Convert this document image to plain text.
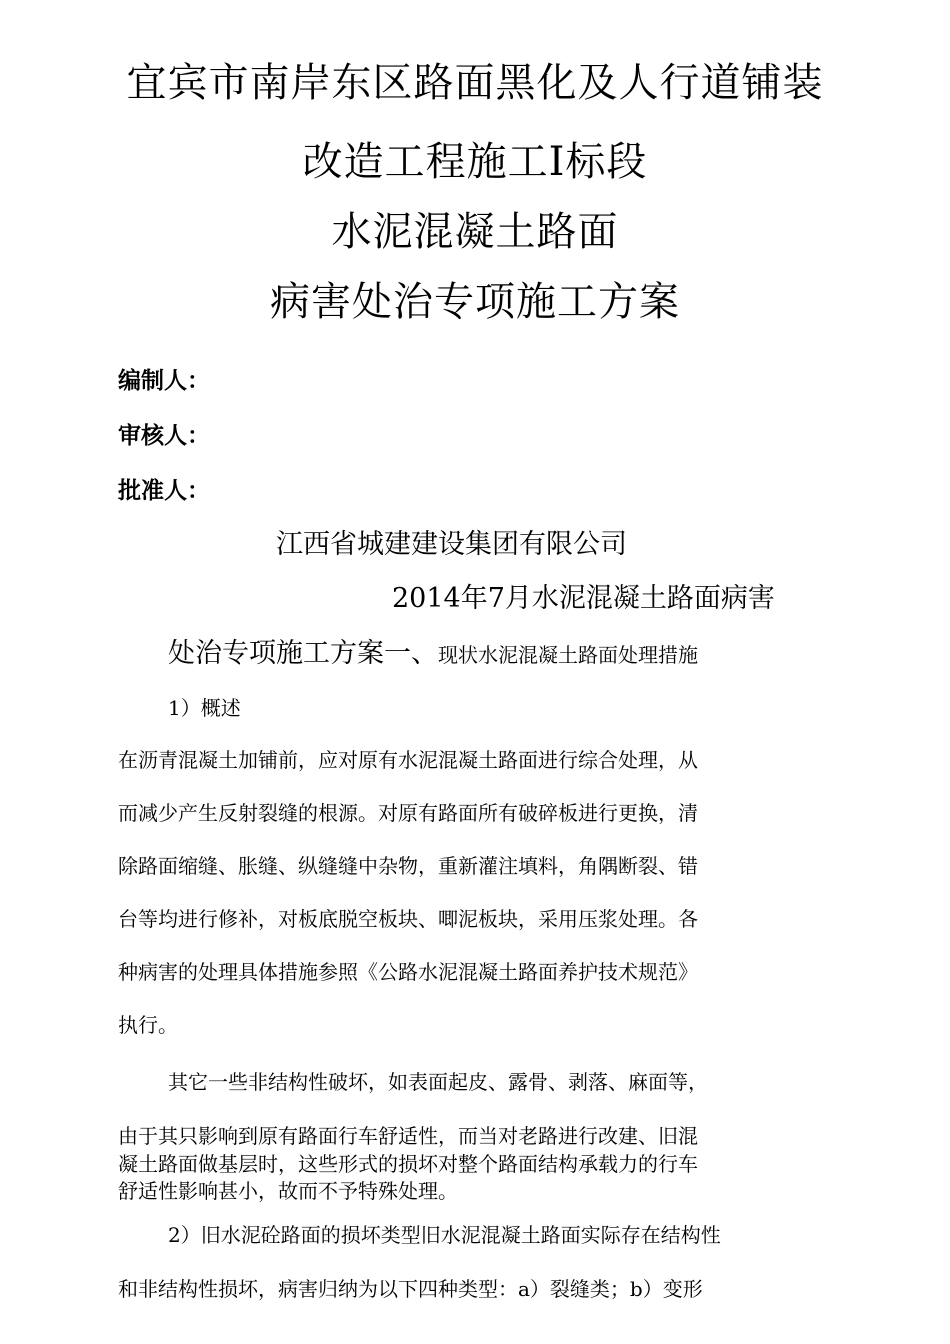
宜宾市南岸东区路面黑化及人行道铺装
改造工程施工Ⅰ标段
水泥混凝土路面
病害处治专项施工方案
编制人：
审核人：
批准人：
江西省城建建设集团有限公司
2014年7月水泥混凝土路面病害
处治专项施工方案一、现状水泥混凝土路面处理措施
1）概述
在沥青混凝土加铺前，应对原有水泥混凝土路面进行综合处理，从
而减少产生反射裂缝的根源。对原有路面所有破碎板进行更换，清
除路面缩缝、胀缝、纵缝缝中杂物，重新灌注填料，角隅断裂、错
台等均进行修补，对板底脱空板块、唧泥板块，采用压浆处理。各
种病害的处理具体措施参照《公路水泥混凝土路面养护技术规范》
执行。
其它一些非结构性破坏，如表面起皮、露骨、剥落、麻面等，
由于其只影响到原有路面行车舒适性，而当对老路进行改建、旧混
凝土路面做基层时，这些形式的损坏对整个路面结构承载力的行车
舒适性影响甚小，故而不予特殊处理。
2）旧水泥砼路面的损坏类型旧水泥混凝土路面实际存在结构性
和非结构性损坏，病害归纳为以下四种类型：a）裂缝类；b）变形
